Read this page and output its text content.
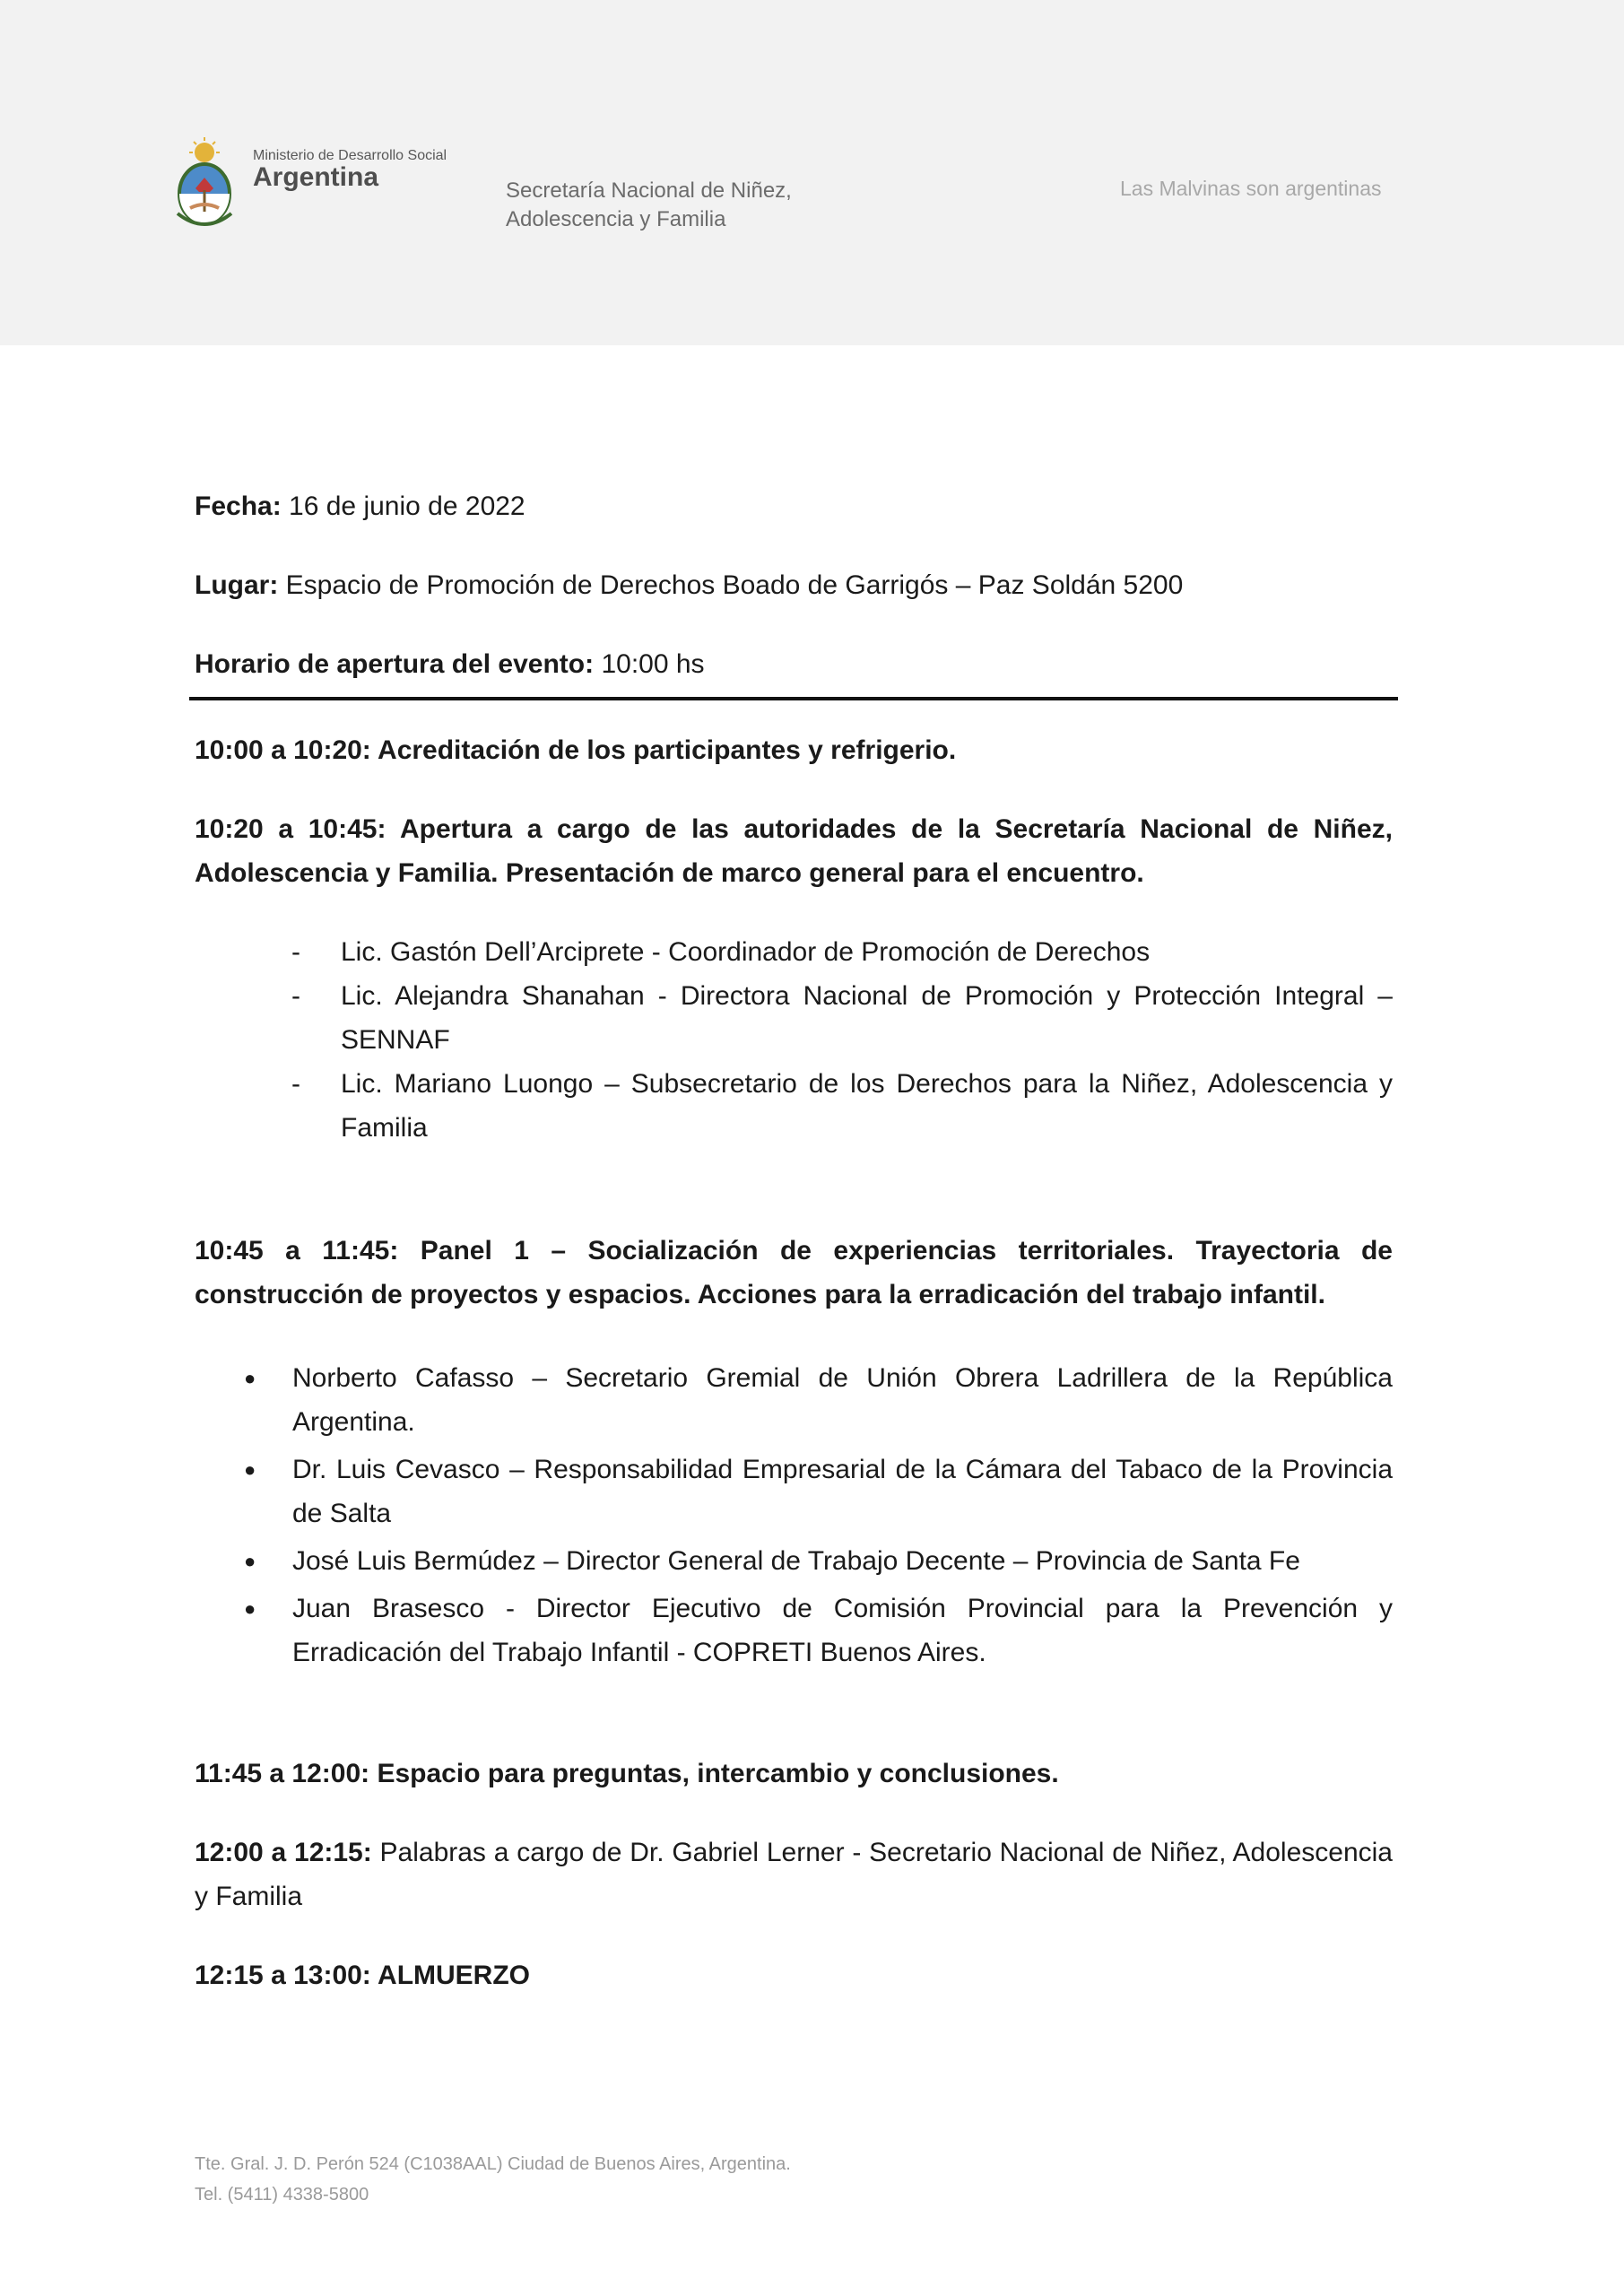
Ministerio de Desarrollo Social
Argentina	Secretaría Nacional de Niñez,
Adolescencia y Familia
Las Malvinas son argentinas

Fecha: 16 de junio de 2022

Lugar: Espacio de Promoción de Derechos Boado de Garrigós – Paz Soldán 5200

Horario de apertura del evento: 10:00 hs

10:00 a 10:20: Acreditación de los participantes y refrigerio.

10:20 a 10:45: Apertura a cargo de las autoridades de la Secretaría Nacional de Niñez, Adolescencia y Familia. Presentación de marco general para el encuentro.

- Lic. Gastón Dell’Arciprete - Coordinador de Promoción de Derechos
- Lic. Alejandra Shanahan - Directora Nacional de Promoción y Protección Integral – SENNAF
- Lic. Mariano Luongo – Subsecretario de los Derechos para la Niñez, Adolescencia y Familia

10:45 a 11:45: Panel 1 – Socialización de experiencias territoriales. Trayectoria de construcción de proyectos y espacios. Acciones para la erradicación del trabajo infantil.

● Norberto Cafasso – Secretario Gremial de Unión Obrera Ladrillera de la República Argentina.
● Dr. Luis Cevasco – Responsabilidad Empresarial de la Cámara del Tabaco de la Provincia de Salta
● José Luis Bermúdez – Director General de Trabajo Decente – Provincia de Santa Fe
● Juan Brasesco - Director Ejecutivo de Comisión Provincial para la Prevención y Erradicación del Trabajo Infantil - COPRETI Buenos Aires.

11:45 a 12:00: Espacio para preguntas, intercambio y conclusiones.

12:00 a 12:15: Palabras a cargo de Dr. Gabriel Lerner - Secretario Nacional de Niñez, Adolescencia y Familia

12:15 a 13:00: ALMUERZO

Tte. Gral. J. D. Perón 524 (C1038AAL) Ciudad de Buenos Aires, Argentina.
Tel. (5411) 4338-5800
